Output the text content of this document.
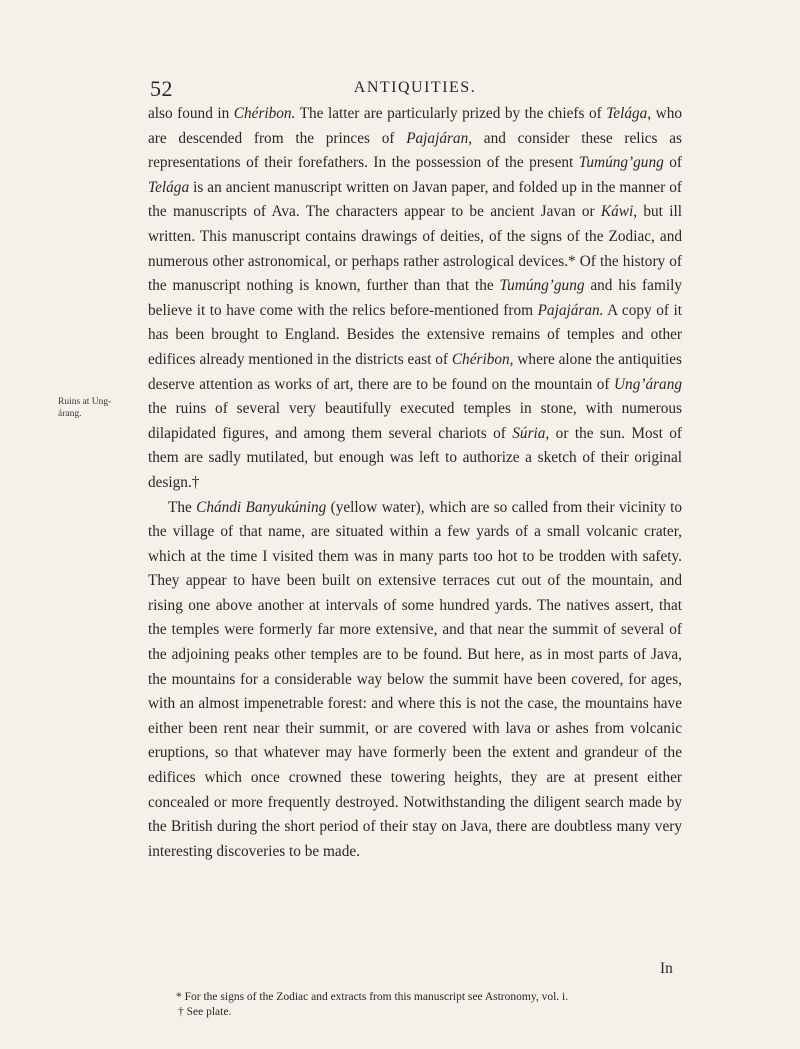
52	ANTIQUITIES.
Ruins at Ung-
árang.

also found in Chéribon. The latter are particularly prized by the chiefs of Telága, who are descended from the princes of Pajajáran, and consider these relics as representations of their forefathers. In the possession of the present Tumúng’gung of Telága is an ancient manuscript written on Javan paper, and folded up in the manner of the manuscripts of Ava. The characters appear to be ancient Javan or Káwi, but ill written. This manuscript contains drawings of deities, of the signs of the Zodiac, and numerous other astronomical, or perhaps rather astrological devices.* Of the history of the manuscript nothing is known, further than that the Tumúng’gung and his family believe it to have come with the relics before-mentioned from Pajajáran. A copy of it has been brought to England. Besides the extensive remains of temples and other edifices already mentioned in the districts east of Chéribon, where alone the antiquities deserve attention as works of art, there are to be found on the mountain of Ung’árang the ruins of several very beautifully executed temples in stone, with numerous dilapidated figures, and among them several chariots of Súria, or the sun. Most of them are sadly mutilated, but enough was left to authorize a sketch of their original design.†

The Chándi Banyukúning (yellow water), which are so called from their vicinity to the village of that name, are situated within a few yards of a small volcanic crater, which at the time I visited them was in many parts too hot to be trodden with safety. They appear to have been built on extensive terraces cut out of the mountain, and rising one above another at intervals of some hundred yards. The natives assert, that the temples were formerly far more extensive, and that near the summit of several of the adjoining peaks other temples are to be found. But here, as in most parts of Java, the mountains for a considerable way below the summit have been covered, for ages, with an almost impenetrable forest: and where this is not the case, the mountains have either been rent near their summit, or are covered with lava or ashes from volcanic eruptions, so that whatever may have formerly been the extent and grandeur of the edifices which once crowned these towering heights, they are at present either concealed or more frequently destroyed. Notwithstanding the diligent search made by the British during the short period of their stay on Java, there are doubtless many very interesting discoveries to be made.

In

* For the signs of the Zodiac and extracts from this manuscript see Astronomy, vol. i.

† See plate.
